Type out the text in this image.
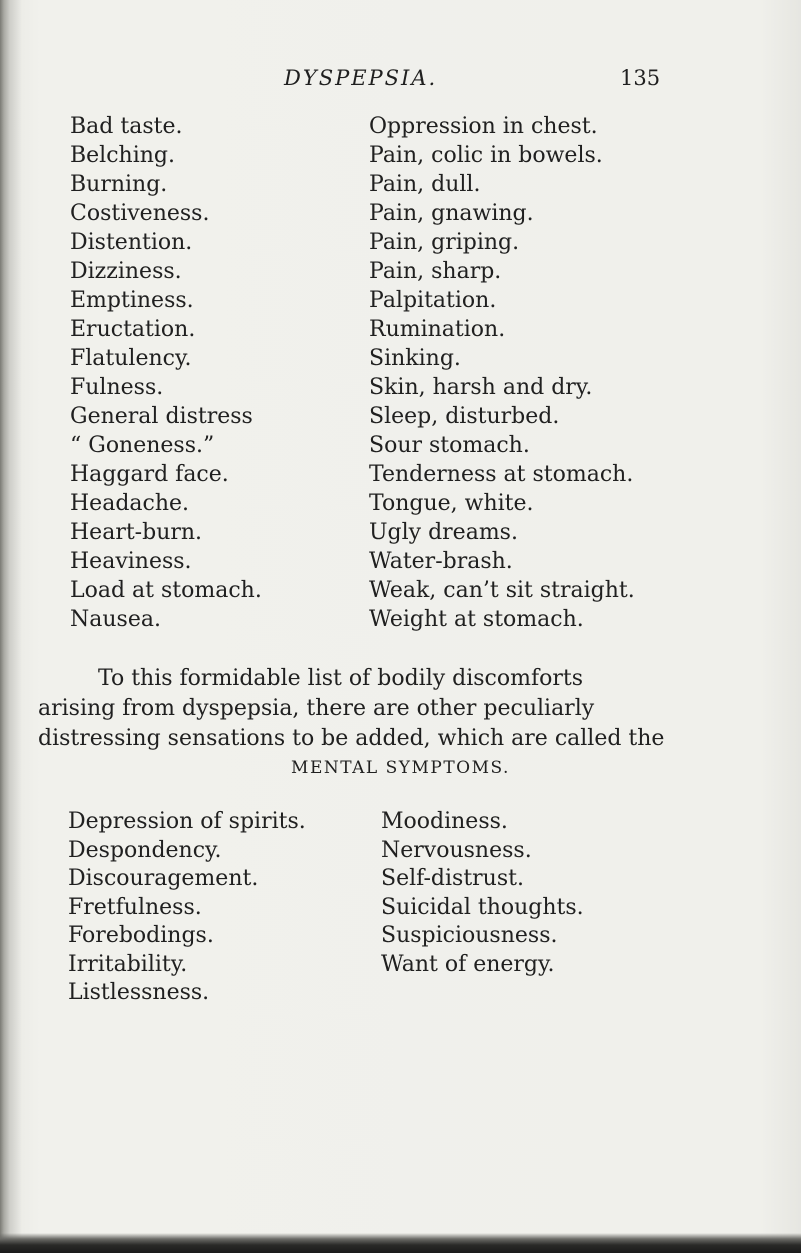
DYSPEPSIA.	135
Bad taste.
Belching.
Burning.
Costiveness.
Distention.
Dizziness.
Emptiness.
Eructation.
Flatulency.
Fulness.
General distress
“ Goneness.”
Haggard face.
Headache.
Heart-burn.
Heaviness.
Load at stomach.
Nausea.
Oppression in chest.
Pain, colic in bowels.
Pain, dull.
Pain, gnawing.
Pain, griping.
Pain, sharp.
Palpitation.
Rumination.
Sinking.
Skin, harsh and dry.
Sleep, disturbed.
Sour stomach.
Tenderness at stomach.
Tongue, white.
Ugly dreams.
Water-brash.
Weak, can’t sit straight.
Weight at stomach.

To this formidable list of bodily discomforts
arising from dyspepsia, there are other peculiarly
distressing sensations to be added, which are called the

MENTAL SYMPTOMS.
Depression of spirits.
Despondency.
Discouragement.
Fretfulness.
Forebodings.
Irritability.
Listlessness.
Moodiness.
Nervousness.
Self-distrust.
Suicidal thoughts.
Suspiciousness.
Want of energy.
